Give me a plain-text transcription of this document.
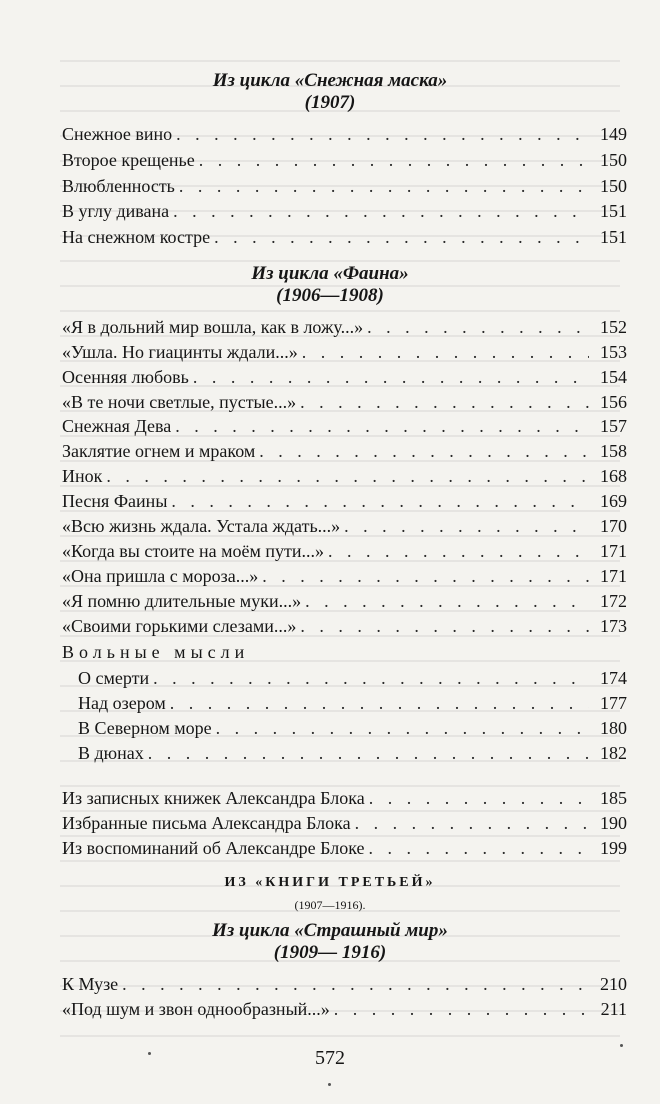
Из цикла «Снежная маска»
(1907)
Снежное вино . . .	149
Второе крещенье . . .	150
Влюбленность . . .	150
В углу дивана . . .	151
На снежном костре . . .	151
Из цикла «Фаина»
(1906—1908)
«Я в дольний мир вошла, как в ложу...» . . .	152
«Ушла. Но гиацинты ждали...» . . .	153
Осенняя любовь . . .	154
«В те ночи светлые, пустые...» . . .	156
Снежная Дева . . .	157
Заклятие огнем и мраком . . .	158
Инок . . .	168
Песня Фаины . . .	169
«Всю жизнь ждала. Устала ждать...» . . .	170
«Когда вы стоите на моём пути...» . . .	171
«Она пришла с мороза...» . . .	171
«Я помню длительные муки...» . . .	172
«Своими горькими слезами...» . . .	173
Вольные мысли
О смерти . . .	174
Над озером . . .	177
В Северном море . . .	180
В дюнах . . .	182
Из записных книжек Александра Блока . . .	185
Избранные письма Александра Блока . . .	190
Из воспоминаний об Александре Блоке . . .	199
ИЗ «КНИГИ ТРЕТЬЕЙ»
(1907—1916).
Из цикла «Страшный мир»
(1909— 1916)
К Музе . . .	210
«Под шум и звон однообразный...» . . .	211
572
